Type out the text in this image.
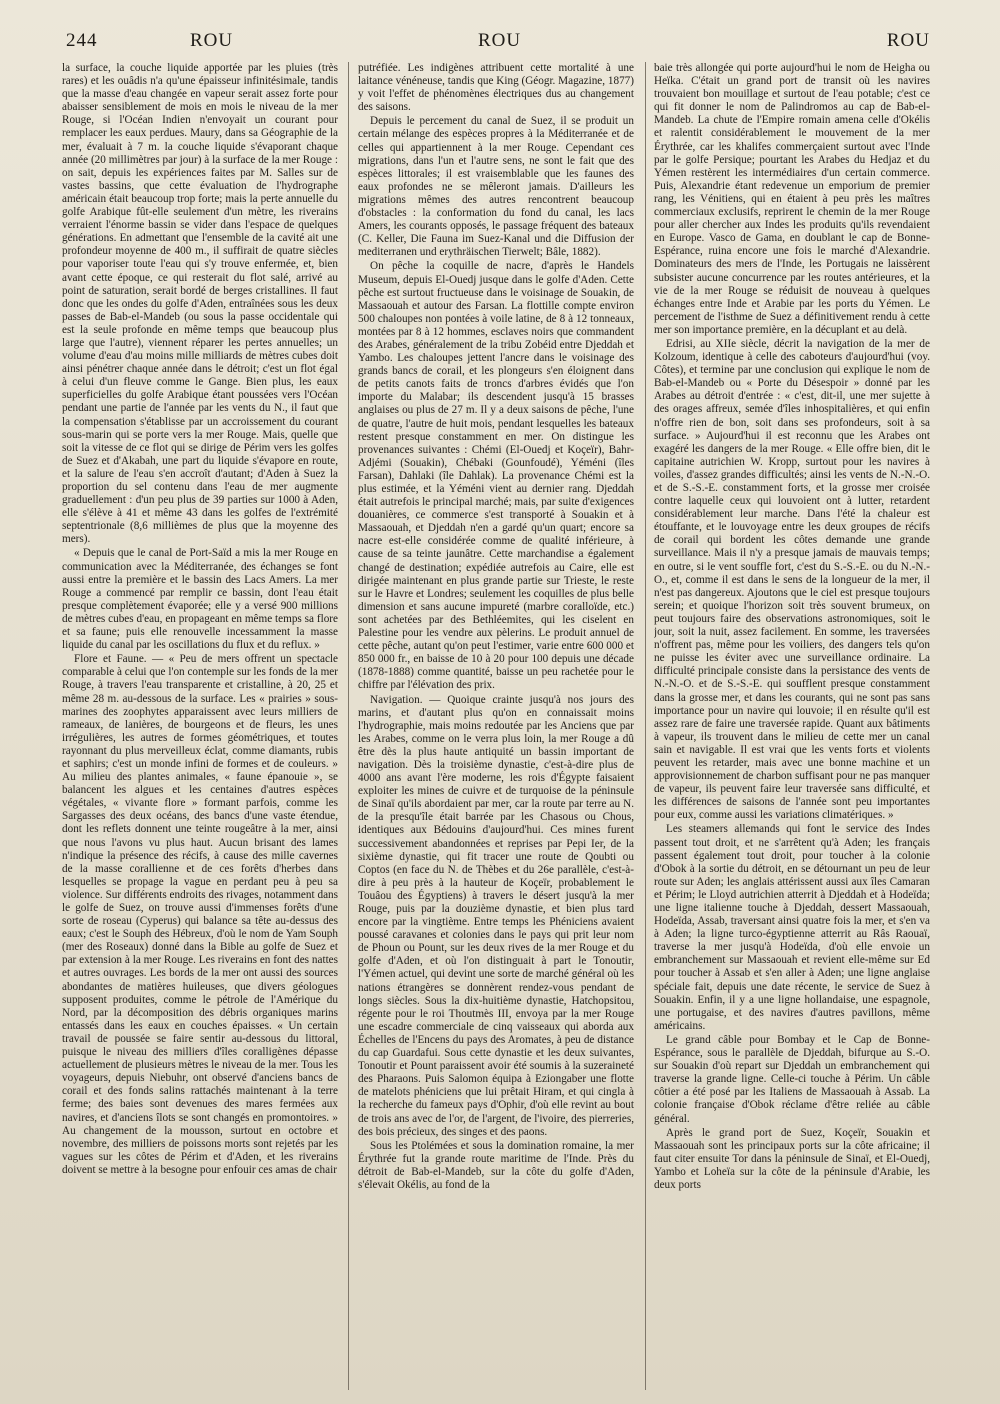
244	ROU	ROU	ROU

la surface, la couche liquide apportée par les pluies (très rares) et les ouâdis n'a qu'une épaisseur infinitésimale, tandis que la masse d'eau changée en vapeur serait assez forte pour abaisser sensiblement de mois en mois le niveau de la mer Rouge, si l'Océan Indien n'envoyait un courant pour remplacer les eaux perdues. Maury, dans sa Géographie de la mer, évaluait à 7 m. la couche liquide s'évaporant chaque année (20 millimètres par jour) à la surface de la mer Rouge : on sait, depuis les expériences faites par M. Salles sur de vastes bassins, que cette évaluation de l'hydrographe américain était beaucoup trop forte; mais la perte annuelle du golfe Arabique fût-elle seulement d'un mètre, les riverains verraient l'énorme bassin se vider dans l'espace de quelques générations. En admettant que l'ensemble de la cavité ait une profondeur moyenne de 400 m., il suffirait de quatre siècles pour vaporiser toute l'eau qui s'y trouve enfermée, et, bien avant cette époque, ce qui resterait du flot salé, arrivé au point de saturation, serait bordé de berges cristallines. Il faut donc que les ondes du golfe d'Aden, entraînées sous les deux passes de Bab-el-Mandeb (ou sous la passe occidentale qui est la seule profonde en même temps que beaucoup plus large que l'autre), viennent réparer les pertes annuelles; un volume d'eau d'au moins mille milliards de mètres cubes doit ainsi pénétrer chaque année dans le détroit; c'est un flot égal à celui d'un fleuve comme le Gange. Bien plus, les eaux superficielles du golfe Arabique étant poussées vers l'Océan pendant une partie de l'année par les vents du N., il faut que la compensation s'établisse par un accroissement du courant sous-marin qui se porte vers la mer Rouge. Mais, quelle que soit la vitesse de ce flot qui se dirige de Périm vers les golfes de Suez et d'Akabah, une part du liquide s'évapore en route, et la salure de l'eau s'en accroît d'autant; d'Aden à Suez la proportion du sel contenu dans l'eau de mer augmente graduellement : d'un peu plus de 39 parties sur 1000 à Aden, elle s'élève à 41 et même 43 dans les golfes de l'extrémité septentrionale (8,6 millièmes de plus que la moyenne des mers).

« Depuis que le canal de Port-Saïd a mis la mer Rouge en communication avec la Méditerranée, des échanges se font aussi entre la première et le bassin des Lacs Amers. La mer Rouge a commencé par remplir ce bassin, dont l'eau était presque complètement évaporée; elle y a versé 900 millions de mètres cubes d'eau, en propageant en même temps sa flore et sa faune; puis elle renouvelle incessamment la masse liquide du canal par les oscillations du flux et du reflux. »

Flore et Faune. — « Peu de mers offrent un spectacle comparable à celui que l'on contemple sur les fonds de la mer Rouge, à travers l'eau transparente et cristalline, à 20, 25 et même 28 m. au-dessous de la surface. Les « prairies » sous-marines des zoophytes apparaissent avec leurs milliers de rameaux, de lanières, de bourgeons et de fleurs, les unes irrégulières, les autres de formes géométriques, et toutes rayonnant du plus merveilleux éclat, comme diamants, rubis et saphirs; c'est un monde infini de formes et de couleurs. » Au milieu des plantes animales, « faune épanouie », se balancent les algues et les centaines d'autres espèces végétales, « vivante flore » formant parfois, comme les Sargasses des deux océans, des bancs d'une vaste étendue, dont les reflets donnent une teinte rougeâtre à la mer, ainsi que nous l'avons vu plus haut. Aucun brisant des lames n'indique la présence des récifs, à cause des mille cavernes de la masse corallienne et de ces forêts d'herbes dans lesquelles se propage la vague en perdant peu à peu sa violence. Sur différents endroits des rivages, notamment dans le golfe de Suez, on trouve aussi d'immenses forêts d'une sorte de roseau (Cyperus) qui balance sa tête au-dessus des eaux; c'est le Souph des Hébreux, d'où le nom de Yam Souph (mer des Roseaux) donné dans la Bible au golfe de Suez et par extension à la mer Rouge. Les riverains en font des nattes et autres ouvrages. Les bords de la mer ont aussi des sources abondantes de matières huileuses, que divers géologues supposent produites, comme le pétrole de l'Amérique du Nord, par la décomposition des débris organiques marins entassés dans les eaux en couches épaisses. « Un certain travail de poussée se faire sentir au-dessous du littoral, puisque le niveau des milliers d'îles coralligènes dépasse actuellement de plusieurs mètres le niveau de la mer. Tous les voyageurs, depuis Niebuhr, ont observé d'anciens bancs de corail et des fonds salins rattachés maintenant à la terre ferme; des baies sont devenues des mares fermées aux navires, et d'anciens îlots se sont changés en promontoires. » Au changement de la mousson, surtout en octobre et novembre, des milliers de poissons morts sont rejetés par les vagues sur les côtes de Périm et d'Aden, et les riverains doivent se mettre à la besogne pour enfouir ces amas de chair

putréfiée. Les indigènes attribuent cette mortalité à une laitance vénéneuse, tandis que King (Géogr. Magazine, 1877) y voit l'effet de phénomènes électriques dus au changement des saisons.

Depuis le percement du canal de Suez, il se produit un certain mélange des espèces propres à la Méditerranée et de celles qui appartiennent à la mer Rouge. Cependant ces migrations, dans l'un et l'autre sens, ne sont le fait que des espèces littorales; il est vraisemblable que les faunes des eaux profondes ne se mêleront jamais. D'ailleurs les migrations mêmes des autres rencontrent beaucoup d'obstacles : la conformation du fond du canal, les lacs Amers, les courants opposés, le passage fréquent des bateaux (C. Keller, Die Fauna im Suez-Kanal und die Diffusion der mediterranen und erythräischen Tierwelt; Bâle, 1882).

On pêche la coquille de nacre, d'après le Handels Museum, depuis El-Ouedj jusque dans le golfe d'Aden. Cette pêche est surtout fructueuse dans le voisinage de Souakin, de Massaouah et autour des Farsan. La flottille compte environ 500 chaloupes non pontées à voile latine, de 8 à 12 tonneaux, montées par 8 à 12 hommes, esclaves noirs que commandent des Arabes, généralement de la tribu Zobéid entre Djeddah et Yambo. Les chaloupes jettent l'ancre dans le voisinage des grands bancs de corail, et les plongeurs s'en éloignent dans de petits canots faits de troncs d'arbres évidés que l'on importe du Malabar; ils descendent jusqu'à 15 brasses anglaises ou plus de 27 m. Il y a deux saisons de pêche, l'une de quatre, l'autre de huit mois, pendant lesquelles les bateaux restent presque constamment en mer. On distingue les provenances suivantes : Chémi (El-Ouedj et Koçeïr), Bahr-Adjémi (Souakin), Chébaki (Gounfoudé), Yéméni (îles Farsan), Dahlaki (île Dahlak). La provenance Chémi est la plus estimée, et la Yéméni vient au dernier rang. Djeddah était autrefois le principal marché; mais, par suite d'exigences douanières, ce commerce s'est transporté à Souakin et à Massaouah, et Djeddah n'en a gardé qu'un quart; encore sa nacre est-elle considérée comme de qualité inférieure, à cause de sa teinte jaunâtre. Cette marchandise a également changé de destination; expédiée autrefois au Caire, elle est dirigée maintenant en plus grande partie sur Trieste, le reste sur le Havre et Londres; seulement les coquilles de plus belle dimension et sans aucune impureté (marbre coralloïde, etc.) sont achetées par des Bethléemites, qui les ciselent en Palestine pour les vendre aux pèlerins. Le produit annuel de cette pêche, autant qu'on peut l'estimer, varie entre 600 000 et 850 000 fr., en baisse de 10 à 20 pour 100 depuis une décade (1878-1888) comme quantité, baisse un peu rachetée pour le chiffre par l'élévation des prix.

Navigation. — Quoique crainte jusqu'à nos jours des marins, et d'autant plus qu'on en connaissait moins l'hydrographie, mais moins redoutée par les Anciens que par les Arabes, comme on le verra plus loin, la mer Rouge a dû être dès la plus haute antiquité un bassin important de navigation. Dès la troisième dynastie, c'est-à-dire plus de 4000 ans avant l'ère moderne, les rois d'Égypte faisaient exploiter les mines de cuivre et de turquoise de la péninsule de Sinaï qu'ils abordaient par mer, car la route par terre au N. de la presqu'île était barrée par les Chasous ou Chous, identiques aux Bédouins d'aujourd'hui. Ces mines furent successivement abandonnées et reprises par Pepi Ier, de la sixième dynastie, qui fit tracer une route de Qoubti ou Coptos (en face du N. de Thèbes et du 26e parallèle, c'est-à-dire à peu près à la hauteur de Koçeïr, probablement le Touâou des Égyptiens) à travers le désert jusqu'à la mer Rouge, puis par la douzième dynastie, et bien plus tard encore par la vingtième. Entre temps les Phéniciens avaient poussé caravanes et colonies dans le pays qui prit leur nom de Phoun ou Pount, sur les deux rives de la mer Rouge et du golfe d'Aden, et où l'on distinguait à part le Tonoutir, l'Yémen actuel, qui devint une sorte de marché général où les nations étrangères se donnèrent rendez-vous pendant de longs siècles. Sous la dix-huitième dynastie, Hatchopsitou, régente pour le roi Thoutmès III, envoya par la mer Rouge une escadre commerciale de cinq vaisseaux qui aborda aux Échelles de l'Encens du pays des Aromates, à peu de distance du cap Guardafui. Sous cette dynastie et les deux suivantes, Tonoutir et Pount paraissent avoir été soumis à la suzeraineté des Pharaons. Puis Salomon équipa à Eziongaber une flotte de matelots phéniciens que lui prêtait Hiram, et qui cingla à la recherche du fameux pays d'Ophir, d'où elle revint au bout de trois ans avec de l'or, de l'argent, de l'ivoire, des pierreries, des bois précieux, des singes et des paons.

Sous les Ptolémées et sous la domination romaine, la mer Érythrée fut la grande route maritime de l'Inde. Près du détroit de Bab-el-Mandeb, sur la côte du golfe d'Aden, s'élevait Okélis, au fond de la

baie très allongée qui porte aujourd'hui le nom de Heigha ou Heïka. C'était un grand port de transit où les navires trouvaient bon mouillage et surtout de l'eau potable; c'est ce qui fit donner le nom de Palindromos au cap de Bab-el-Mandeb. La chute de l'Empire romain amena celle d'Okélis et ralentit considérablement le mouvement de la mer Érythrée, car les khalifes commerçaient surtout avec l'Inde par le golfe Persique; pourtant les Arabes du Hedjaz et du Yémen restèrent les intermédiaires d'un certain commerce. Puis, Alexandrie étant redevenue un emporium de premier rang, les Vénitiens, qui en étaient à peu près les maîtres commerciaux exclusifs, reprirent le chemin de la mer Rouge pour aller chercher aux Indes les produits qu'ils revendaient en Europe. Vasco de Gama, en doublant le cap de Bonne-Espérance, ruina encore une fois le marché d'Alexandrie. Dominateurs des mers de l'Inde, les Portugais ne laissèrent subsister aucune concurrence par les routes antérieures, et la vie de la mer Rouge se réduisit de nouveau à quelques échanges entre Inde et Arabie par les ports du Yémen. Le percement de l'isthme de Suez a définitivement rendu à cette mer son importance première, en la décuplant et au delà.

Edrisi, au XIIe siècle, décrit la navigation de la mer de Kolzoum, identique à celle des caboteurs d'aujourd'hui (voy. Côtes), et termine par une conclusion qui explique le nom de Bab-el-Mandeb ou « Porte du Désespoir » donné par les Arabes au détroit d'entrée : « c'est, dit-il, une mer sujette à des orages affreux, semée d'îles inhospitalières, et qui enfin n'offre rien de bon, soit dans ses profondeurs, soit à sa surface. » Aujourd'hui il est reconnu que les Arabes ont exagéré les dangers de la mer Rouge. « Elle offre bien, dit le capitaine autrichien W. Kropp, surtout pour les navires à voiles, d'assez grandes difficultés; ainsi les vents de N.-N.-O. et de S.-S.-E. constamment forts, et la grosse mer croisée contre laquelle ceux qui louvoient ont à lutter, retardent considérablement leur marche. Dans l'été la chaleur est étouffante, et le louvoyage entre les deux groupes de récifs de corail qui bordent les côtes demande une grande surveillance. Mais il n'y a presque jamais de mauvais temps; en outre, si le vent souffle fort, c'est du S.-S.-E. ou du N.-N.-O., et, comme il est dans le sens de la longueur de la mer, il n'est pas dangereux. Ajoutons que le ciel est presque toujours serein; et quoique l'horizon soit très souvent brumeux, on peut toujours faire des observations astronomiques, soit le jour, soit la nuit, assez facilement. En somme, les traversées n'offrent pas, même pour les voiliers, des dangers tels qu'on ne puisse les éviter avec une surveillance ordinaire. La difficulté principale consiste dans la persistance des vents de N.-N.-O. et de S.-S.-E. qui soufflent presque constamment dans la grosse mer, et dans les courants, qui ne sont pas sans importance pour un navire qui louvoie; il en résulte qu'il est assez rare de faire une traversée rapide. Quant aux bâtiments à vapeur, ils trouvent dans le milieu de cette mer un canal sain et navigable. Il est vrai que les vents forts et violents peuvent les retarder, mais avec une bonne machine et un approvisionnement de charbon suffisant pour ne pas manquer de vapeur, ils peuvent faire leur traversée sans difficulté, et les différences de saisons de l'année sont peu importantes pour eux, comme aussi les variations climatériques. »

Les steamers allemands qui font le service des Indes passent tout droit, et ne s'arrêtent qu'à Aden; les français passent également tout droit, pour toucher à la colonie d'Obok à la sortie du détroit, en se détournant un peu de leur route sur Aden; les anglais attérissent aussi aux îles Camaran et Périm; le Lloyd autrichien atterrit à Djeddah et à Hodeïda; une ligne italienne touche à Djeddah, dessert Massaouah, Hodeïda, Assab, traversant ainsi quatre fois la mer, et s'en va à Aden; la ligne turco-égyptienne atterrit au Râs Raouaï, traverse la mer jusqu'à Hodeïda, d'où elle envoie un embranchement sur Massaouah et revient elle-même sur Ed pour toucher à Assab et s'en aller à Aden; une ligne anglaise spéciale fait, depuis une date récente, le service de Suez à Souakin. Enfin, il y a une ligne hollandaise, une espagnole, une portugaise, et des navires d'autres pavillons, même américains.

Le grand câble pour Bombay et le Cap de Bonne-Espérance, sous le parallèle de Djeddah, bifurque au S.-O. sur Souakin d'où repart sur Djeddah un embranchement qui traverse la grande ligne. Celle-ci touche à Périm. Un câble côtier a été posé par les Italiens de Massaouah à Assab. La colonie française d'Obok réclame d'être reliée au câble général.

Après le grand port de Suez, Koçeïr, Souakin et Massaouah sont les principaux ports sur la côte africaine; il faut citer ensuite Tor dans la péninsule de Sinaï, et El-Ouedj, Yambo et Loheïa sur la côte de la péninsule d'Arabie, les deux ports
